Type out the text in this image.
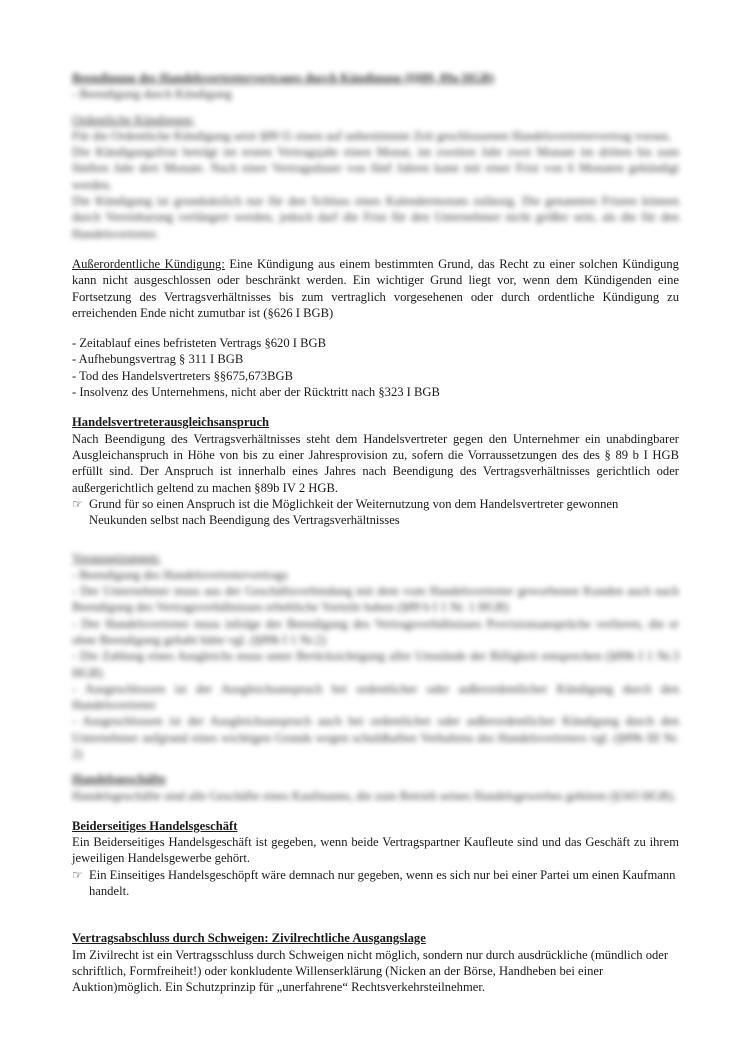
Beendigung des Handelsvertretervertrages durch Kündigung (§§89, 89a HGB)

- Beendigung durch Kündigung

Ordentliche Kündigung:

Für die Ordentliche Kündigung setzt §89 I1 einen auf unbestimmte Zeit geschlossenen Handelsvertretervertrag voraus.

Die Kündigungsfrist beträgt im ersten Vertragsjahr einen Monat, im zweiten Jahr zwei Monate im dritten bis zum fünften Jahr drei Monate. Nach einer Vertragsdauer von fünf Jahren kann mit einer Frist von 6 Monaten gekündigt werden.

Die Kündigung ist grundsätzlich nur für den Schluss eines Kalendermonats zulässig. Die genannten Fristen können durch Vereinbarung verlängert werden, jedoch darf die Frist für den Unternehmer nicht größer sein, als die für den Handelsvertreter.

Außerordentliche Kündigung: Eine Kündigung aus einem bestimmten Grund, das Recht zu einer solchen Kündigung kann nicht ausgeschlossen oder beschränkt werden. Ein wichtiger Grund liegt vor, wenn dem Kündigenden eine Fortsetzung des Vertragsverhältnisses bis zum vertraglich vorgesehenen oder durch ordentliche Kündigung zu erreichenden Ende nicht zumutbar ist (§626 I BGB)

- Zeitablauf eines befristeten Vertrags §620 I BGB
- Aufhebungsvertrag § 311 I BGB
- Tod des Handelsvertreters §§675,673BGB
- Insolvenz des Unternehmens, nicht aber der Rücktritt nach §323 I BGB

Handelsvertreterausgleichsanspruch

Nach Beendigung des Vertragsverhältnisses steht dem Handelsvertreter gegen den Unternehmer ein unabdingbarer Ausgleichanspruch in Höhe von bis zu einer Jahresprovision zu, sofern die Vorraussetzungen des des § 89 b I HGB erfüllt sind. Der Anspruch ist innerhalb eines Jahres nach Beendigung des Vertragsverhältnisses gerichtlich oder außergerichtlich geltend zu machen §89b IV 2 HGB.

☞ Grund für so einen Anspruch ist die Möglichkeit der Weiternutzung von dem Handelsvertreter gewonnen Neukunden selbst nach Beendigung des Vertragsverhältnisses

Voraussetzungen:

- Beendigung des Handelsvertretervertrags

- Der Unternehmer muss aus der Geschäftsverbindung mit dem vom Handelsvertreter geworbenen Kunden auch nach Beendigung des Vertragsverhältnisses erhebliche Vorteile haben (§89 b I 1 Nr. 1 HGB)

- Der Handelsvertreter muss infolge der Beendigung des Vertragsverhältnisses Provisionsansprüche verlieren, die er ohne Beendigung gehabt hätte vgl. (§89b I 1 Nr.2)

- Die Zahlung eines Ausgleichs muss unter Berücksichtigung aller Umstände der Billigkeit entsprechen (§89b I 1 Nr.3 HGB)

- Ausgeschlossen ist der Ausgleichsanspruch bei ordentlicher oder außerordentlicher Kündigung durch den Handelsvertreter

- Ausgeschlossen ist der Ausgleichsanspruch auch bei ordentlicher oder außerordentlicher Kündigung durch den Unternehmer aufgrund eines wichtigen Grunds wegen schuldhaften Verhaltens des Handelsvertreters vgl. (§89b III Nr. 2)

Handelsgeschäfte

Handelsgeschäfte sind alle Geschäfte eines Kaufmanns, die zum Betrieb seines Handelsgewerbes gehören (§343 HGB).

Beiderseitiges Handelsgeschäft

Ein Beiderseitiges Handelsgeschäft ist gegeben, wenn beide Vertragspartner Kaufleute sind und das Geschäft zu ihrem jeweiligen Handelsgewerbe gehört.

☞ Ein Einseitiges Handelsgeschöpft wäre demnach nur gegeben, wenn es sich nur bei einer Partei um einen Kaufmann handelt.

Vertragsabschluss durch Schweigen: Zivilrechtliche Ausgangslage

Im Zivilrecht ist ein Vertragsschluss durch Schweigen nicht möglich, sondern nur durch ausdrückliche (mündlich oder schriftlich, Formfreiheit!) oder konkludente Willenserklärung (Nicken an der Börse, Handheben bei einer Auktion)möglich. Ein Schutzprinzip für „unerfahrene“ Rechtsverkehrsteilnehmer.
